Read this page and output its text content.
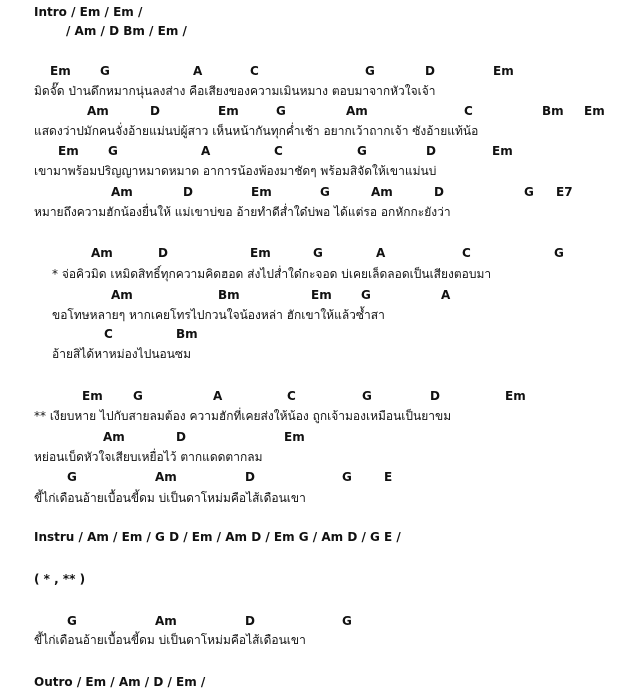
Intro / Em / Em /
/ Am / D Bm / Em /
Em G	A	C	G	D	Em
มิดจั๊ด ป่านดึกหมากนุ่นลงส่าง คือเสียงของความเมินหมาง ตอบมาจากหัวใจเจ้า
Am	D	Em	G	Am	C	Bm Em
แสดงว่าปมักคนจั่งอ้ายแม่นบ่ผู้สาว เห็นหน้ากันทุกค่ำเช้า อยากเว้าถากเจ้า ซังอ้ายแท้น้อ
Em G	A	C	G	D	Em
เขามาพร้อมปริญญาหมาดหมาด อาการน้องพ้องมาชัดๆ พร้อมสิจัดให้เขาแม่นบ่
Am	D	Em	G	Am	D	G E7
หมายถึงความฮักน้องยื่นให้ แม่เขาบ่ขอ อ้ายทำดีส่ำใด๋บ่พอ ได้แต่รอ อกหักกะยังว่า
Am	D	Em	G	A	C	G
* จ่อคิวมิด เหมิดสิทธิ์ทุกความคิดฮอด ส่งไปส่ำใด๋กะจอด บ่เคยเล็ดลอดเป็นเสียงตอบมา
Am	Bm	Em G	A
ขอโทษหลายๆ หากเคยโทรไปกวนใจน้องหล่า ฮักเขาให้แล้วซ้ำสา
C	Bm
อ้ายสิได้หาหม่องไปนอนซม
Em	G	A	C	G	D	Em
** เงียบหาย ไปกับสายลมต้อง ความฮักที่เคยส่งให้น้อง ถูกเจ้ามองเหมือนเป็นยาขม
Am	D	Em
หย่อนเบ็ดหัวใจเสียบเหยื่อไว้ ตากแดดตากลม
G	Am	D	G	E
ขี้ไก่เดือนอ้ายเบื้อนขี้ดม บ่เป็นดาโหม่มคือไส้เดือนเขา
Instru / Am / Em / G D / Em / Am D / Em G / Am D / G E /
( * , ** )
G	Am	D	G
ขี้ไก่เดือนอ้ายเบื้อนขี้ดม บ่เป็นดาโหม่มคือไส้เดือนเขา
Outro / Em / Am / D / Em /
